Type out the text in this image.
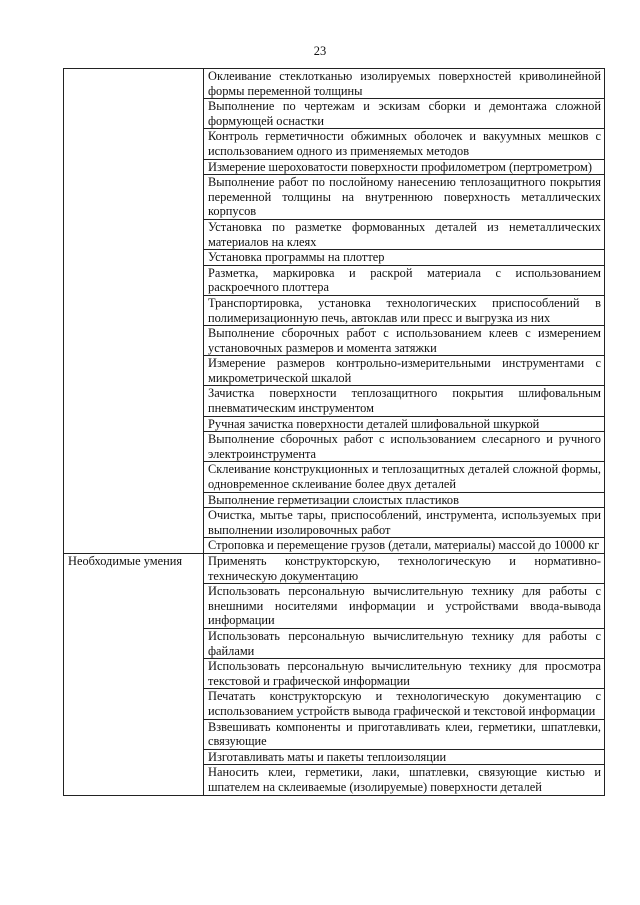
23
	Оклеивание стеклотканью изолируемых поверхностей криволинейной формы переменной толщины
	Выполнение по чертежам и эскизам сборки и демонтажа сложной формующей оснастки
	Контроль герметичности обжимных оболочек и вакуумных мешков с использованием одного из применяемых методов
	Измерение шероховатости поверхности профилометром (пертрометром)
	Выполнение работ по послойному нанесению теплозащитного покрытия переменной толщины на внутреннюю поверхность металлических корпусов
	Установка по разметке формованных деталей из неметаллических материалов на клеях
	Установка программы на плоттер
	Разметка, маркировка и раскрой материала с использованием раскроечного плоттера
	Транспортировка, установка технологических приспособлений в полимеризационную печь, автоклав или пресс и выгрузка из них
	Выполнение сборочных работ с использованием клеев с измерением установочных размеров и момента затяжки
	Измерение размеров контрольно-измерительными инструментами с микрометрической шкалой
	Зачистка поверхности теплозащитного покрытия шлифовальным пневматическим инструментом
	Ручная зачистка поверхности деталей шлифовальной шкуркой
	Выполнение сборочных работ с использованием слесарного и ручного электроинструмента
	Склеивание конструкционных и теплозащитных деталей сложной формы, одновременное склеивание более двух деталей
	Выполнение герметизации слоистых пластиков
	Очистка, мытье тары, приспособлений, инструмента, используемых при выполнении изолировочных работ
	Строповка и перемещение грузов (детали, материалы) массой до 10000 кг
Необходимые умения	Применять конструкторскую, технологическую и нормативно-техническую документацию
	Использовать персональную вычислительную технику для работы с внешними носителями информации и устройствами ввода-вывода информации
	Использовать персональную вычислительную технику для работы с файлами
	Использовать персональную вычислительную технику для просмотра текстовой и графической информации
	Печатать конструкторскую и технологическую документацию с использованием устройств вывода графической и текстовой информации
	Взвешивать компоненты и приготавливать клеи, герметики, шпатлевки, связующие
	Изготавливать маты и пакеты теплоизоляции
	Наносить клеи, герметики, лаки, шпатлевки, связующие кистью и шпателем на склеиваемые (изолируемые) поверхности деталей
